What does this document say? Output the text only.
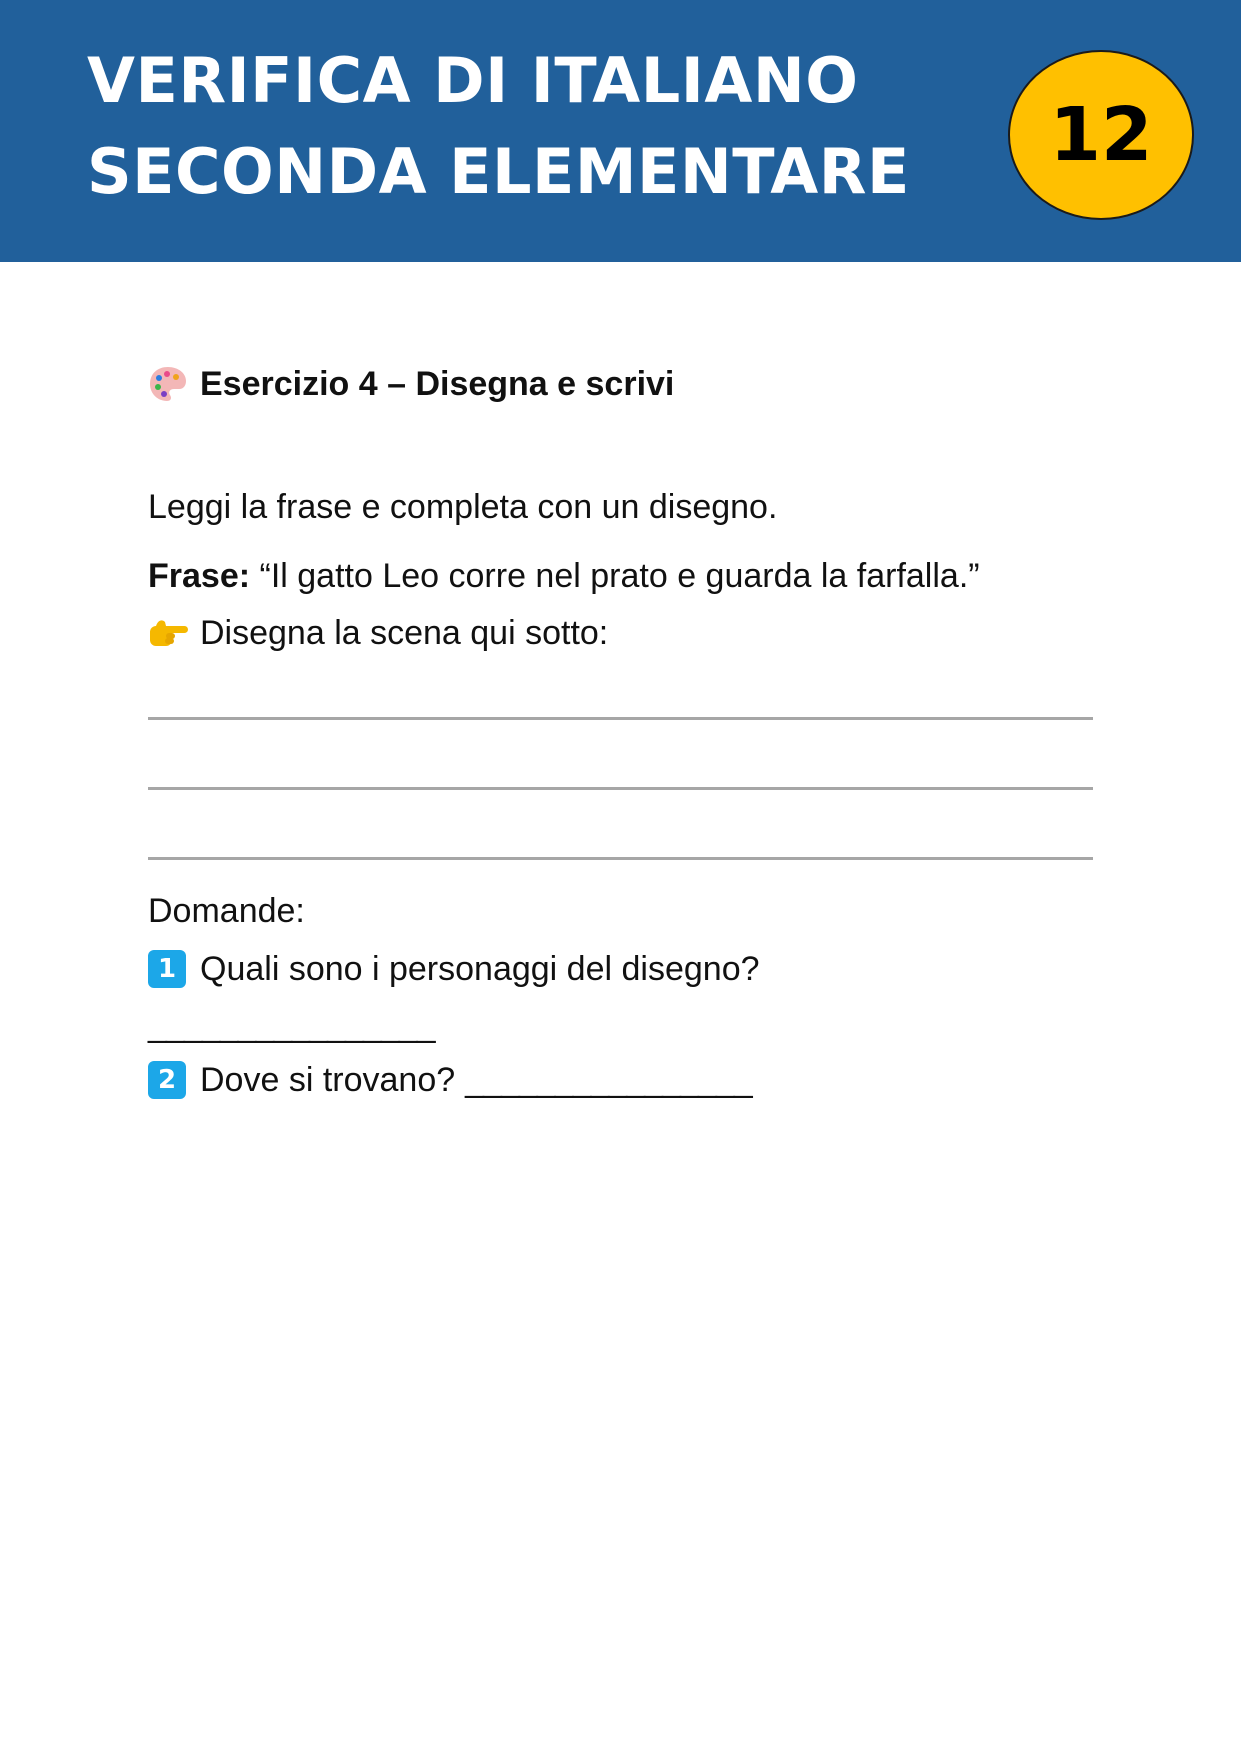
VERIFICA DI ITALIANO
SECONDA ELEMENTARE 12
Esercizio 4 – Disegna e scrivi
Leggi la frase e completa con un disegno.
Frase: “Il gatto Leo corre nel prato e guarda la farfalla.”
Disegna la scena qui sotto:
Domande:
1 Quali sono i personaggi del disegno?
________________
2 Dove si trovano? ________________
